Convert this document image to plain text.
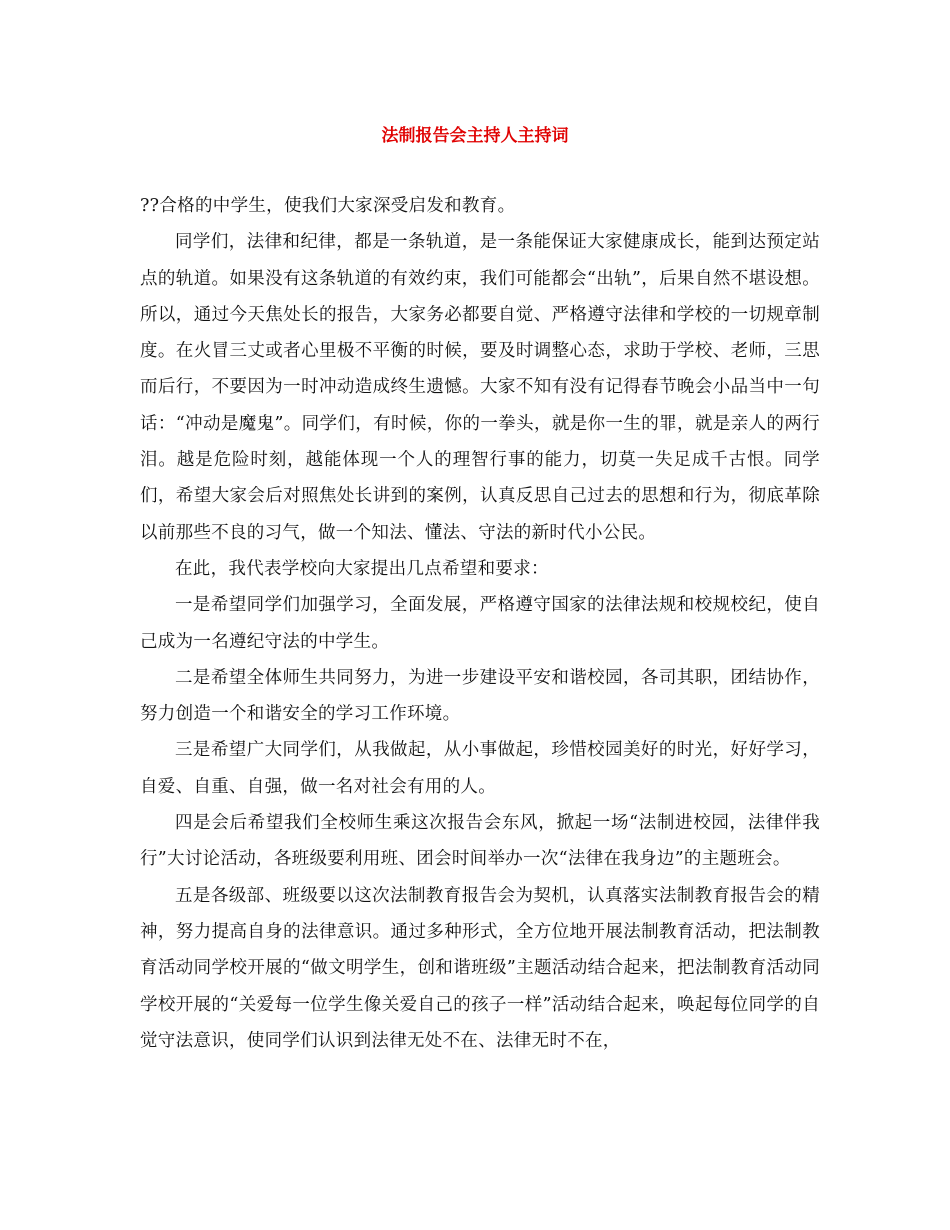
法制报告会主持人主持词

??合格的中学生，使我们大家深受启发和教育。

同学们，法律和纪律，都是一条轨道，是一条能保证大家健康成长，能到达预定站点的轨道。如果没有这条轨道的有效约束，我们可能都会“出轨”，后果自然不堪设想。所以，通过今天焦处长的报告，大家务必都要自觉、严格遵守法律和学校的一切规章制度。在火冒三丈或者心里极不平衡的时候，要及时调整心态，求助于学校、老师，三思而后行，不要因为一时冲动造成终生遗憾。大家不知有没有记得春节晚会小品当中一句话：“冲动是魔鬼”。同学们，有时候，你的一拳头，就是你一生的罪，就是亲人的两行泪。越是危险时刻，越能体现一个人的理智行事的能力，切莫一失足成千古恨。同学们，希望大家会后对照焦处长讲到的案例，认真反思自己过去的思想和行为，彻底革除以前那些不良的习气，做一个知法、懂法、守法的新时代小公民。

在此，我代表学校向大家提出几点希望和要求：

一是希望同学们加强学习，全面发展，严格遵守国家的法律法规和校规校纪，使自己成为一名遵纪守法的中学生。

二是希望全体师生共同努力，为进一步建设平安和谐校园，各司其职，团结协作，努力创造一个和谐安全的学习工作环境。

三是希望广大同学们，从我做起，从小事做起，珍惜校园美好的时光，好好学习，自爱、自重、自强，做一名对社会有用的人。

四是会后希望我们全校师生乘这次报告会东风，掀起一场“法制进校园，法律伴我行”大讨论活动，各班级要利用班、团会时间举办一次“法律在我身边”的主题班会。

五是各级部、班级要以这次法制教育报告会为契机，认真落实法制教育报告会的精神，努力提高自身的法律意识。通过多种形式，全方位地开展法制教育活动，把法制教育活动同学校开展的“做文明学生，创和谐班级”主题活动结合起来，把法制教育活动同学校开展的“关爱每一位学生像关爱自己的孩子一样”活动结合起来，唤起每位同学的自觉守法意识，使同学们认识到法律无处不在、法律无时不在，
